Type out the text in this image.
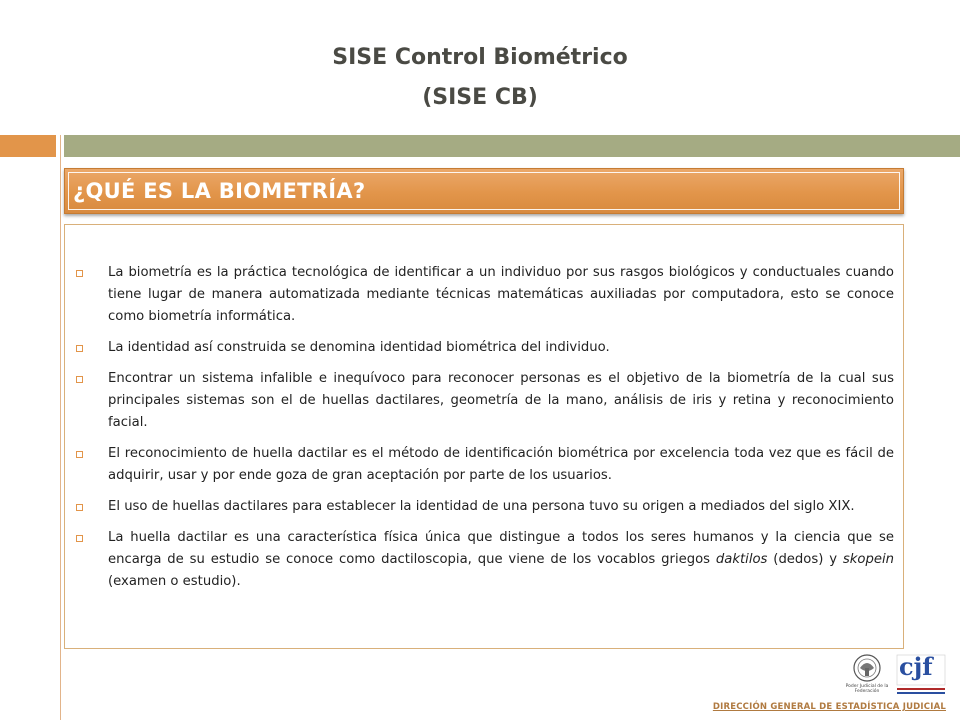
SISE Control Biométrico
(SISE CB)
¿QUÉ ES LA BIOMETRÍA?
La biometría es la práctica tecnológica de identificar a un individuo por sus rasgos biológicos y conductuales cuando tiene lugar de manera automatizada mediante técnicas matemáticas auxiliadas por computadora, esto se conoce como biometría informática.
La identidad así construida se denomina identidad biométrica del individuo.
Encontrar un sistema infalible e inequívoco para reconocer personas es el objetivo de la biometría de la cual sus principales sistemas son el de huellas dactilares, geometría de la mano, análisis de iris y retina y reconocimiento facial.
El reconocimiento de huella dactilar es el método de identificación biométrica por excelencia toda vez que es fácil de adquirir, usar y por ende goza de gran aceptación por parte de los usuarios.
El uso de huellas dactilares para establecer la identidad de una persona tuvo su origen a mediados del siglo XIX.
La huella dactilar es una característica física única que distingue a todos los seres humanos y la ciencia que se encarga de su estudio se conoce como dactiloscopia, que viene de los vocablos griegos daktilos (dedos) y skopein (examen o estudio).
Poder Judicial de la Federación
cjf
DIRECCIÓN GENERAL DE ESTADÍSTICA JUDICIAL
